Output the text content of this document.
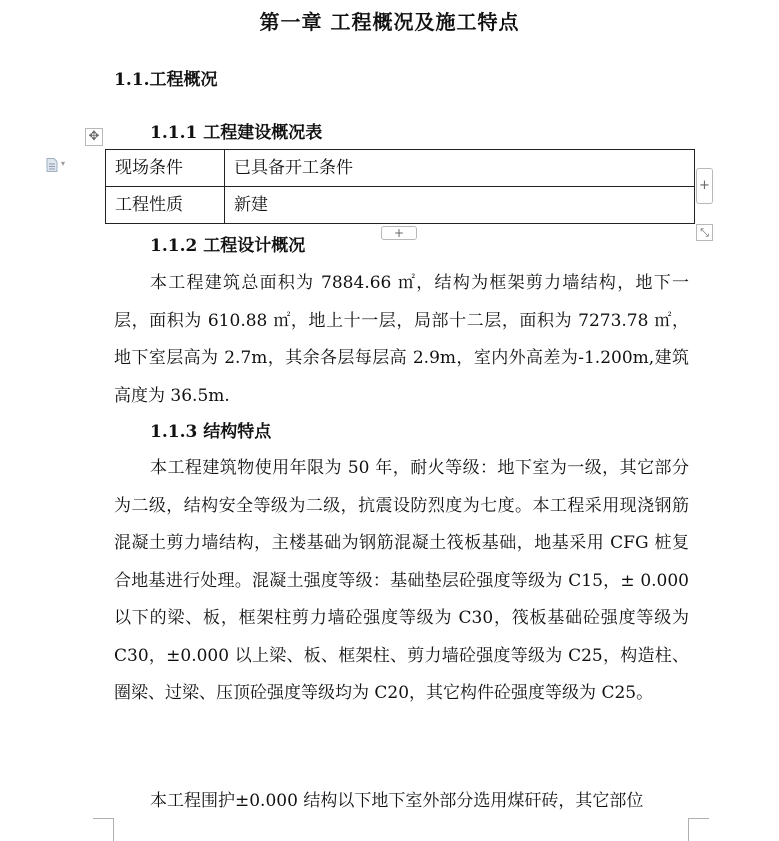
第一章 工程概况及施工特点
1.1.工程概况
1.1.1 工程建设概况表
✥
▾	现场条件	已具备开工条件
工程性质	新建
+
⤡
+
1.1.2 工程设计概况

本工程建筑总面积为 7884.66 ㎡，结构为框架剪力墙结构，地下一层，面积为 610.88 ㎡，地上十一层，局部十二层，面积为 7273.78 ㎡，地下室层高为 2.7m，其余各层每层高 2.9m，室内外高差为-1.200m,建筑高度为 36.5m.

1.1.3 结构特点

本工程建筑物使用年限为 50 年，耐火等级：地下室为一级，其它部分为二级，结构安全等级为二级，抗震设防烈度为七度。本工程采用现浇钢筋混凝土剪力墙结构，主楼基础为钢筋混凝土筏板基础，地基采用 CFG 桩复合地基进行处理。混凝土强度等级：基础垫层砼强度等级为 C15，± 0.000 以下的梁、板，框架柱剪力墙砼强度等级为 C30，筏板基础砼强度等级为 C30，±0.000 以上梁、板、框架柱、剪力墙砼强度等级为 C25，构造柱、圈梁、过梁、压顶砼强度等级均为 C20，其它构件砼强度等级为 C25。

本工程围护±0.000 结构以下地下室外部分选用煤矸砖，其它部位
